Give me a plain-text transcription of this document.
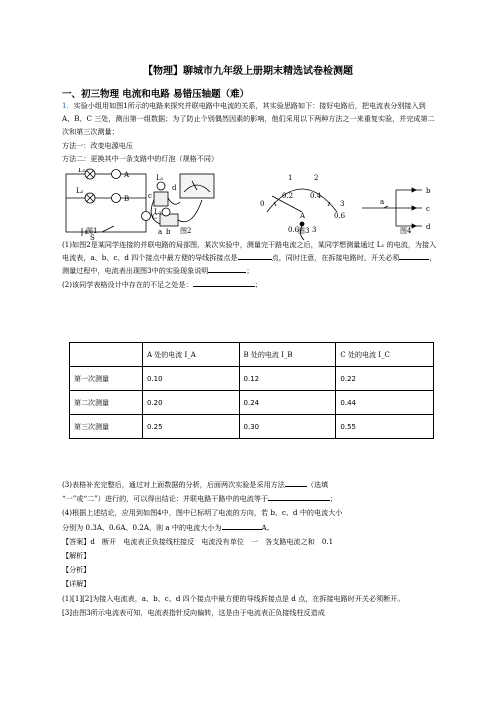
【物理】聊城市九年级上册期末精选试卷检测题
一、初三物理 电流和电路 易错压轴题（难）

1．实验小组用如图1所示的电路来探究并联电路中电流的关系，其实验思路如下：接好电路后，把电流表分别接入到 A、B、C 三处，测出第一组数据；为了防止个别偶然因素的影响，他们采用以下两种方法之一来重复实验，并完成第二次和第三次测量；

方法一：改变电源电压

方法二：更换其中一条支路中的灯泡（规格不同）

L₁
A
L₂
B
S
C
L₁
c
d
L₂
b
a
1	2
0
0.2 0.4
3
0.6
A
0.6 3
a
b
c
d
图1	图2	图3	图4

(1)如图2是某同学连接的并联电路的局部图，某次实验中，测量完干路电流之后，某同学想测量通过 L₁ 的电流，为接入电流表，a、b、c、d 四个接点中最方便的导线拆接点是	点，同时注意，在拆接电路时，开关必须	，测量过程中，电流表出现图3中的实验现象说明	；

(2)该同学表格设计中存在的不足之处是：	；

	A 处的电流 I_A	B 处的电流 I_B	C 处的电流 I_C
第一次测量	0.10	0.12	0.22
第二次测量	0.20	0.24	0.44
第三次测量	0.25	0.30	0.55

(3)表格补充完整后，通过对上面数据的分析，后面两次实验是采用方法	（选填

“一”或“二”）进行的，可以得出结论：并联电路干路中的电流等于	；

(4)根据上述结论，应用到如图4中，图中已标明了电流的方向，若 b、c、d 中的电流大小

分别为 0.3A、0.6A、0.2A，则 a 中的电流大小为	A。

【答案】d　断开　电流表正负接线柱接反　电流没有单位　一　各支路电流之和　0.1

【解析】

【分析】

【详解】

(1)[1][2]为接入电流表，a、b、c、d 四个接点中最方便的导线拆接点是 d 点，在拆接电路时开关必须断开。

[3]由图3所示电流表可知，电流表指针反向偏转，这是由于电流表正负接线柱反造成
